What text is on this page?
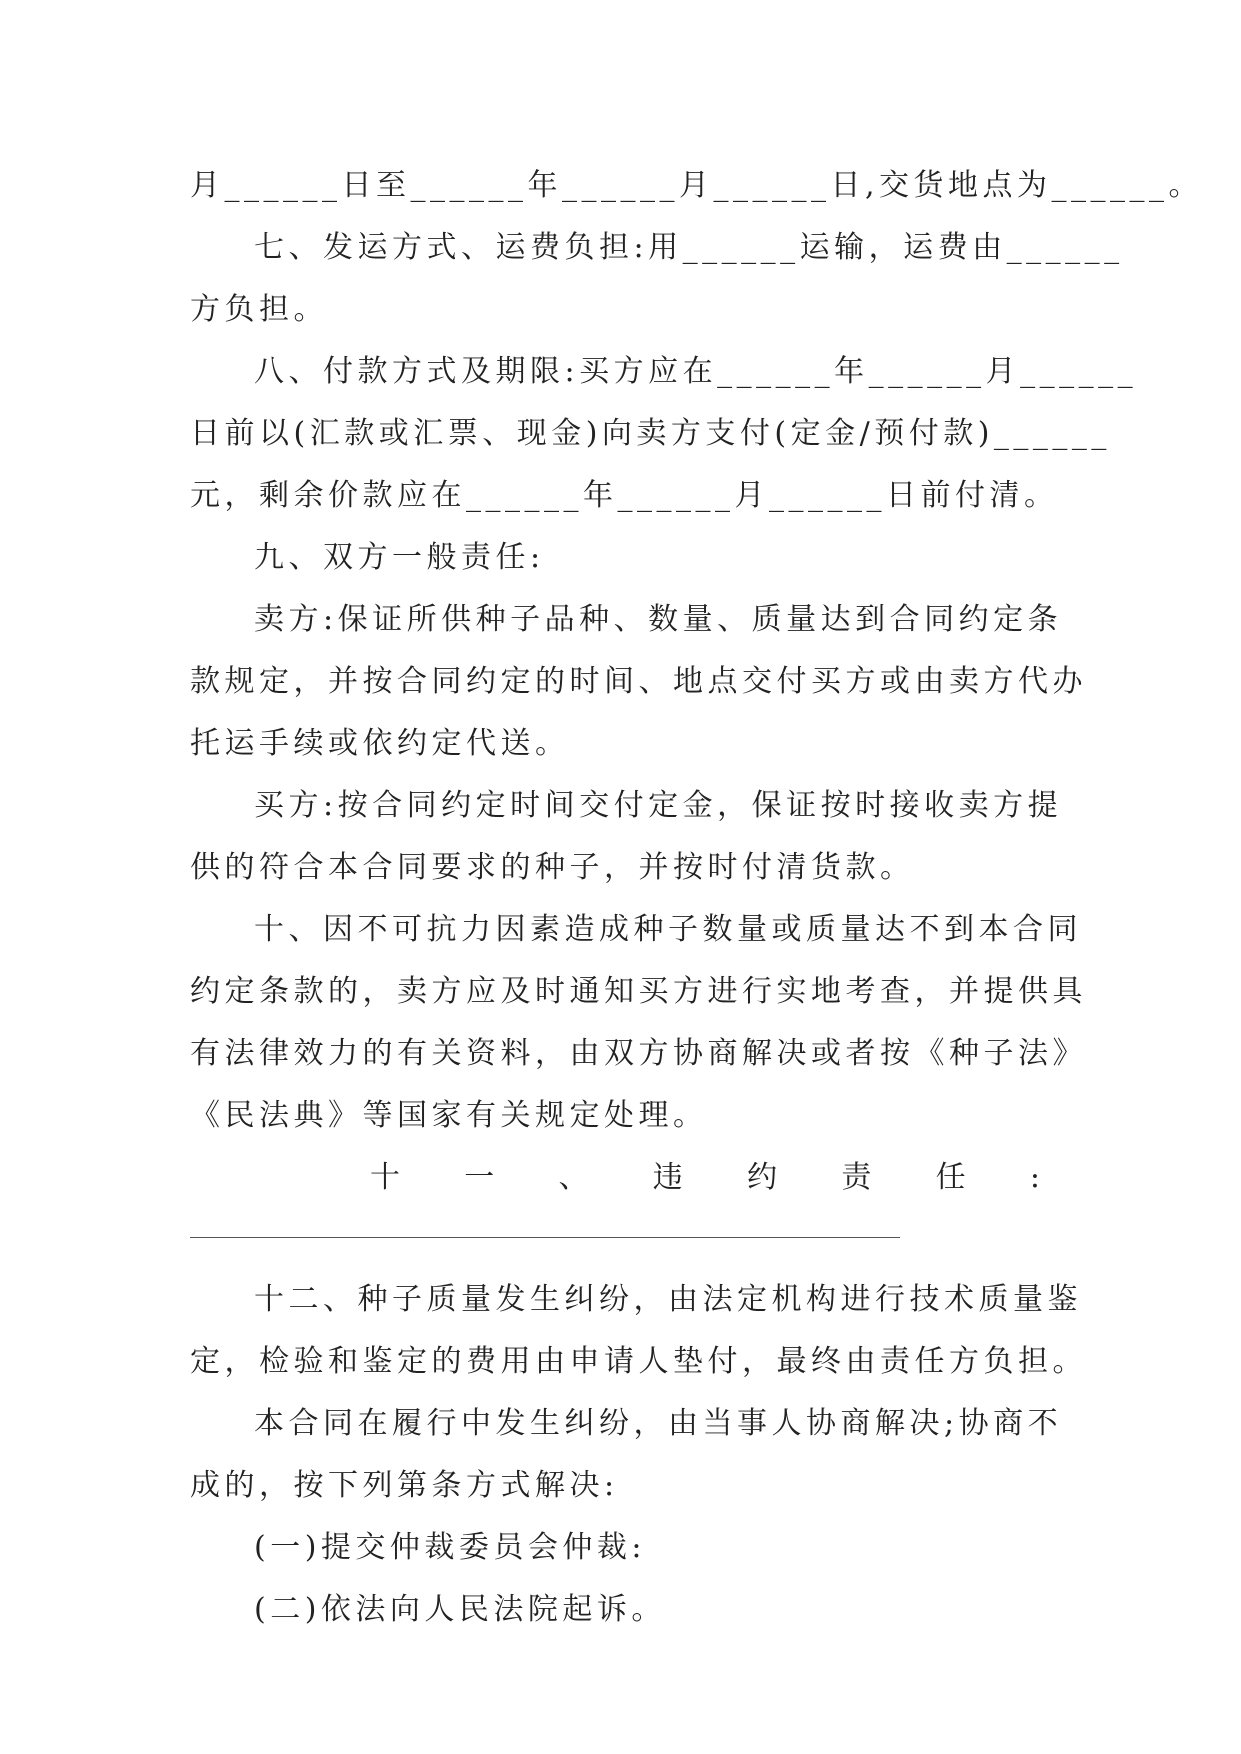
月______日至______年______月______日,交货地点为______。
七、发运方式、运费负担:用______运输，运费由______
方负担。
八、付款方式及期限:买方应在______年______月______
日前以(汇款或汇票、现金)向卖方支付(定金/预付款)______
元，剩余价款应在______年______月______日前付清。
九、双方一般责任:
卖方:保证所供种子品种、数量、质量达到合同约定条
款规定，并按合同约定的时间、地点交付买方或由卖方代办
托运手续或依约定代送。
买方:按合同约定时间交付定金，保证按时接收卖方提
供的符合本合同要求的种子，并按时付清货款。
十、因不可抗力因素造成种子数量或质量达不到本合同
约定条款的，卖方应及时通知买方进行实地考查，并提供具
有法律效力的有关资料，由双方协商解决或者按《种子法》
《民法典》等国家有关规定处理。
十 一 、 违 约 责 任 :
十二、种子质量发生纠纷，由法定机构进行技术质量鉴
定，检验和鉴定的费用由申请人垫付，最终由责任方负担。
本合同在履行中发生纠纷，由当事人协商解决;协商不
成的，按下列第条方式解决:
(一)提交仲裁委员会仲裁:
(二)依法向人民法院起诉。
